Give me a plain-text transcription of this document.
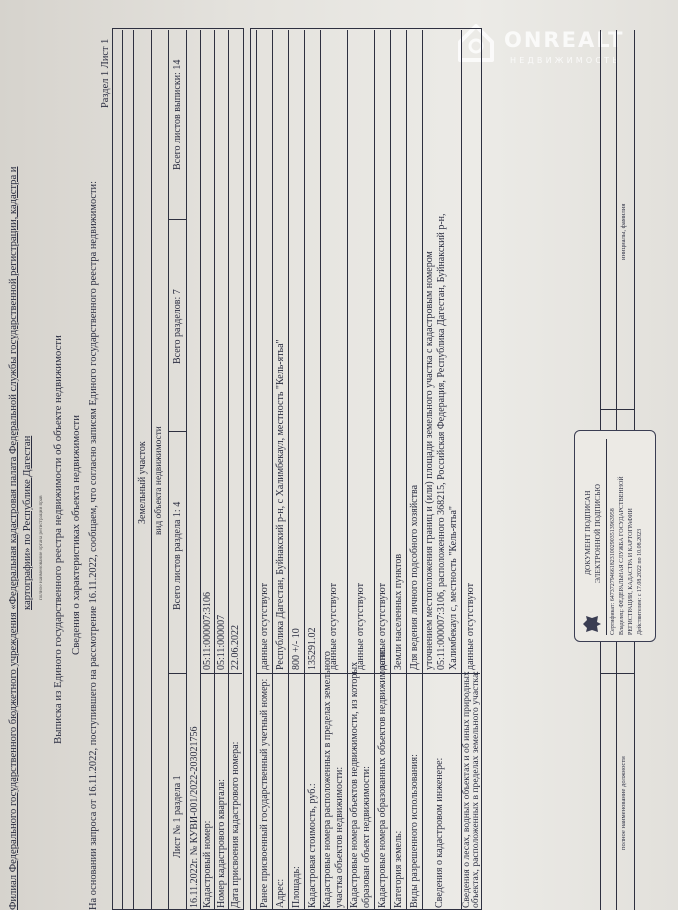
ONREALT
НЕДВИЖИМОСТЬ
Филиал Федерального государственного бюджетного учреждения «Федеральная кадастровая палата Федеральной службы государственной регистрации, кадастра и картографии» по Республике Дагестан полное наименование органа регистрации прав Выписка из Единого государственного реестра недвижимости об объекте недвижимости Сведения о характеристиках объекта недвижимости На основании запроса от 16.11.2022, поступившего на рассмотрение 16.11.2022, сообщаем, что согласно записям Единого государственного реестра недвижимости:
Раздел 1 Лист 1
Земельный участок вид объекта недвижимости
Лист № 1 раздела 1
Всего листов раздела 1: 4
Всего разделов: 7
Всего листов выписки: 14
16.11.2022г. № КУВИ-001/2022-203021756 Кадастровый номер:
05:11:000007:3106
Номер кадастрового квартала:
05:11:000007
Дата присвоения кадастрового номера:
22.06.2022
Ранее присвоенный государственный учетный номер:
данные отсутствуют
Адрес:
Республика Дагестан, Буйнакский р-н, с Халимбекаул, местность "Кель-ятьа"
Площадь:
800 +/- 10
Кадастровая стоимость, руб.:
135291.02
Кадастровые номера расположенных в пределах земельного участка объектов недвижимости:
данные отсутствуют
Кадастровые номера объектов недвижимости, из которых образован объект недвижимости:
данные отсутствуют
Кадастровые номера образованных объектов недвижимости:
данные отсутствуют
Категория земель:
Земли населенных пунктов
Виды разрешенного использования:
Для ведения личного подсобного хозяйства
Сведения о кадастровом инженере:
уточнением местоположения границ и (или) площади земельного участка с кадастровым номером 05:11:000007:3106, расположенного 368215, Российская Федерация, Республика Дагестан, Буйнакский р-н, Халимбекаул с, местность "Кель-ятьа"
Сведения о лесах, водных объектах и об иных природных
объектах, расположенных в пределах земельного участка:
данные отсутствуют
полное наименование должности
инициалы, фамилия
ДОКУМЕНТ ПОДПИСАН ЭЛЕКТРОННОЙ ПОДПИСЬЮ Сертификат: 6473727946618231002903513963958 Владелец: ФЕДЕРАЛЬНАЯ СЛУЖБА ГОСУДАРСТВЕННОЙ РЕГИСТРАЦИИ, КАДАСТРА И КАРТОГРАФИИ Действителен: с 17.08.2022 по 10.08.2023
